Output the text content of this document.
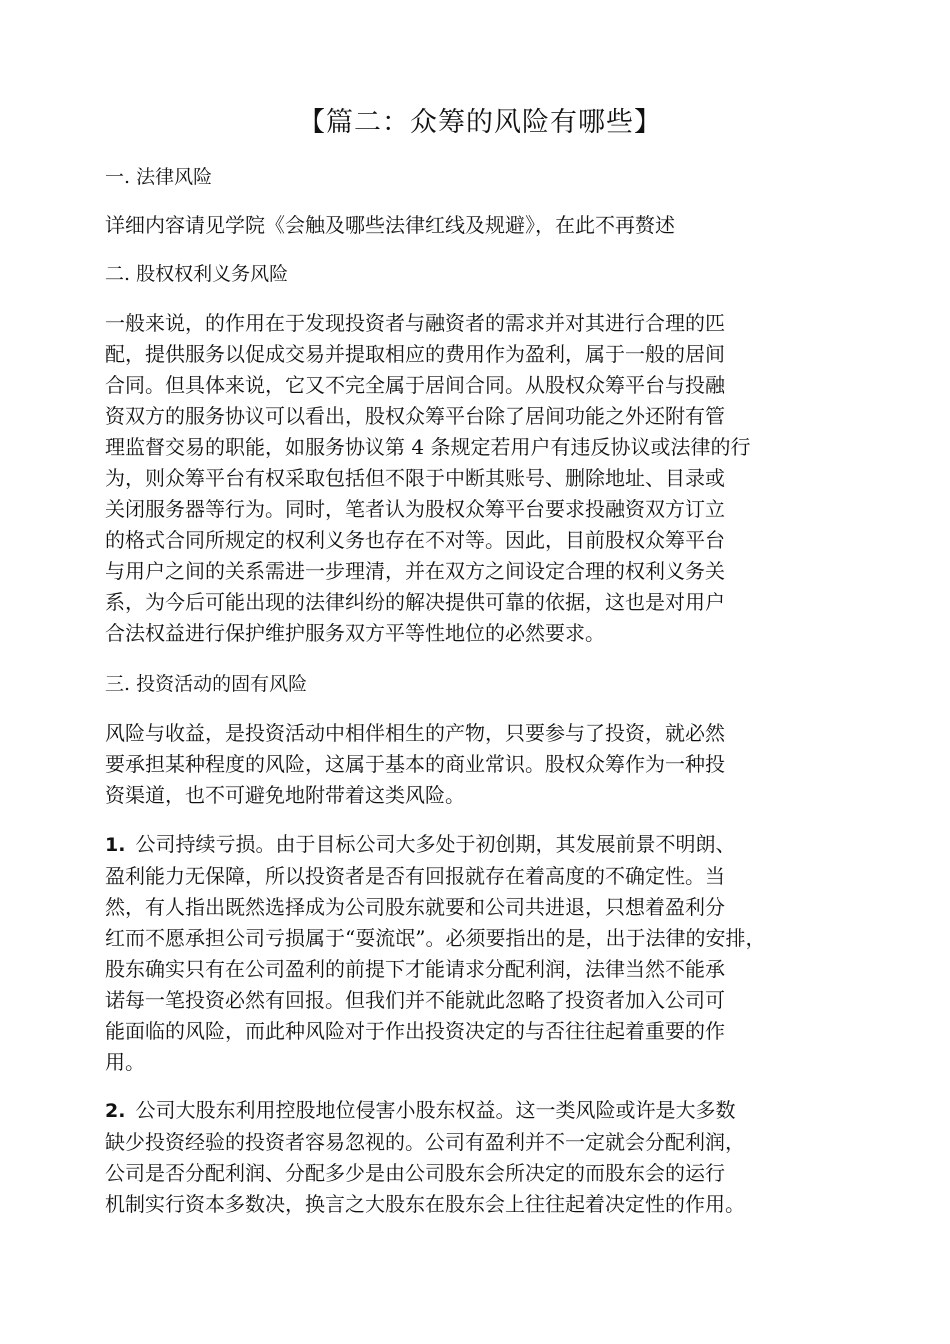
【篇二：众筹的风险有哪些】
一. 法律风险
详细内容请见学院《会触及哪些法律红线及规避》，在此不再赘述
二. 股权权利义务风险
一般来说，的作用在于发现投资者与融资者的需求并对其进行合理的匹
配，提供服务以促成交易并提取相应的费用作为盈利，属于一般的居间
合同。但具体来说，它又不完全属于居间合同。从股权众筹平台与投融
资双方的服务协议可以看出，股权众筹平台除了居间功能之外还附有管
理监督交易的职能，如服务协议第 4 条规定若用户有违反协议或法律的行
为，则众筹平台有权采取包括但不限于中断其账号、删除地址、目录或
关闭服务器等行为。同时，笔者认为股权众筹平台要求投融资双方订立
的格式合同所规定的权利义务也存在不对等。因此，目前股权众筹平台
与用户之间的关系需进一步理清，并在双方之间设定合理的权利义务关
系，为今后可能出现的法律纠纷的解决提供可靠的依据，这也是对用户
合法权益进行保护维护服务双方平等性地位的必然要求。
三. 投资活动的固有风险
风险与收益，是投资活动中相伴相生的产物，只要参与了投资，就必然
要承担某种程度的风险，这属于基本的商业常识。股权众筹作为一种投
资渠道，也不可避免地附带着这类风险。
1. 公司持续亏损。由于目标公司大多处于初创期，其发展前景不明朗、
盈利能力无保障，所以投资者是否有回报就存在着高度的不确定性。当
然，有人指出既然选择成为公司股东就要和公司共进退，只想着盈利分
红而不愿承担公司亏损属于“耍流氓”。必须要指出的是，出于法律的安排，
股东确实只有在公司盈利的前提下才能请求分配利润，法律当然不能承
诺每一笔投资必然有回报。但我们并不能就此忽略了投资者加入公司可
能面临的风险，而此种风险对于作出投资决定的与否往往起着重要的作
用。
2. 公司大股东利用控股地位侵害小股东权益。这一类风险或许是大多数
缺少投资经验的投资者容易忽视的。公司有盈利并不一定就会分配利润，
公司是否分配利润、分配多少是由公司股东会所决定的而股东会的运行
机制实行资本多数决，换言之大股东在股东会上往往起着决定性的作用。
